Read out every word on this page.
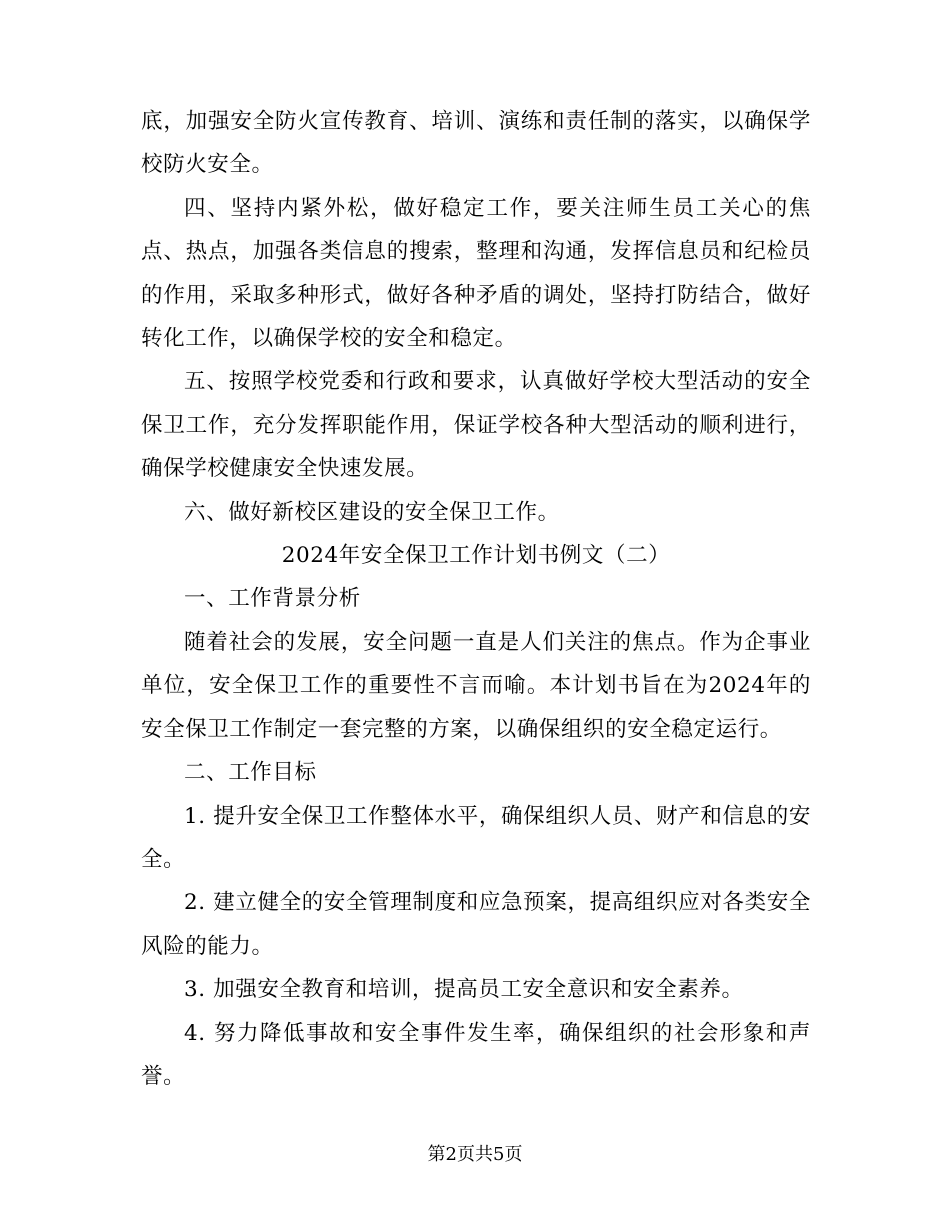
底，加强安全防火宣传教育、培训、演练和责任制的落实，以确保学校防火安全。

四、坚持内紧外松，做好稳定工作，要关注师生员工关心的焦点、热点，加强各类信息的搜索，整理和沟通，发挥信息员和纪检员的作用，采取多种形式，做好各种矛盾的调处，坚持打防结合，做好转化工作，以确保学校的安全和稳定。

五、按照学校党委和行政和要求，认真做好学校大型活动的安全保卫工作，充分发挥职能作用，保证学校各种大型活动的顺利进行，确保学校健康安全快速发展。

六、做好新校区建设的安全保卫工作。

2024年安全保卫工作计划书例文（二）

一、工作背景分析

随着社会的发展，安全问题一直是人们关注的焦点。作为企事业单位，安全保卫工作的重要性不言而喻。本计划书旨在为2024年的安全保卫工作制定一套完整的方案，以确保组织的安全稳定运行。

二、工作目标

1. 提升安全保卫工作整体水平，确保组织人员、财产和信息的安全。

2. 建立健全的安全管理制度和应急预案，提高组织应对各类安全风险的能力。

3. 加强安全教育和培训，提高员工安全意识和安全素养。

4. 努力降低事故和安全事件发生率，确保组织的社会形象和声誉。

第2页共5页
